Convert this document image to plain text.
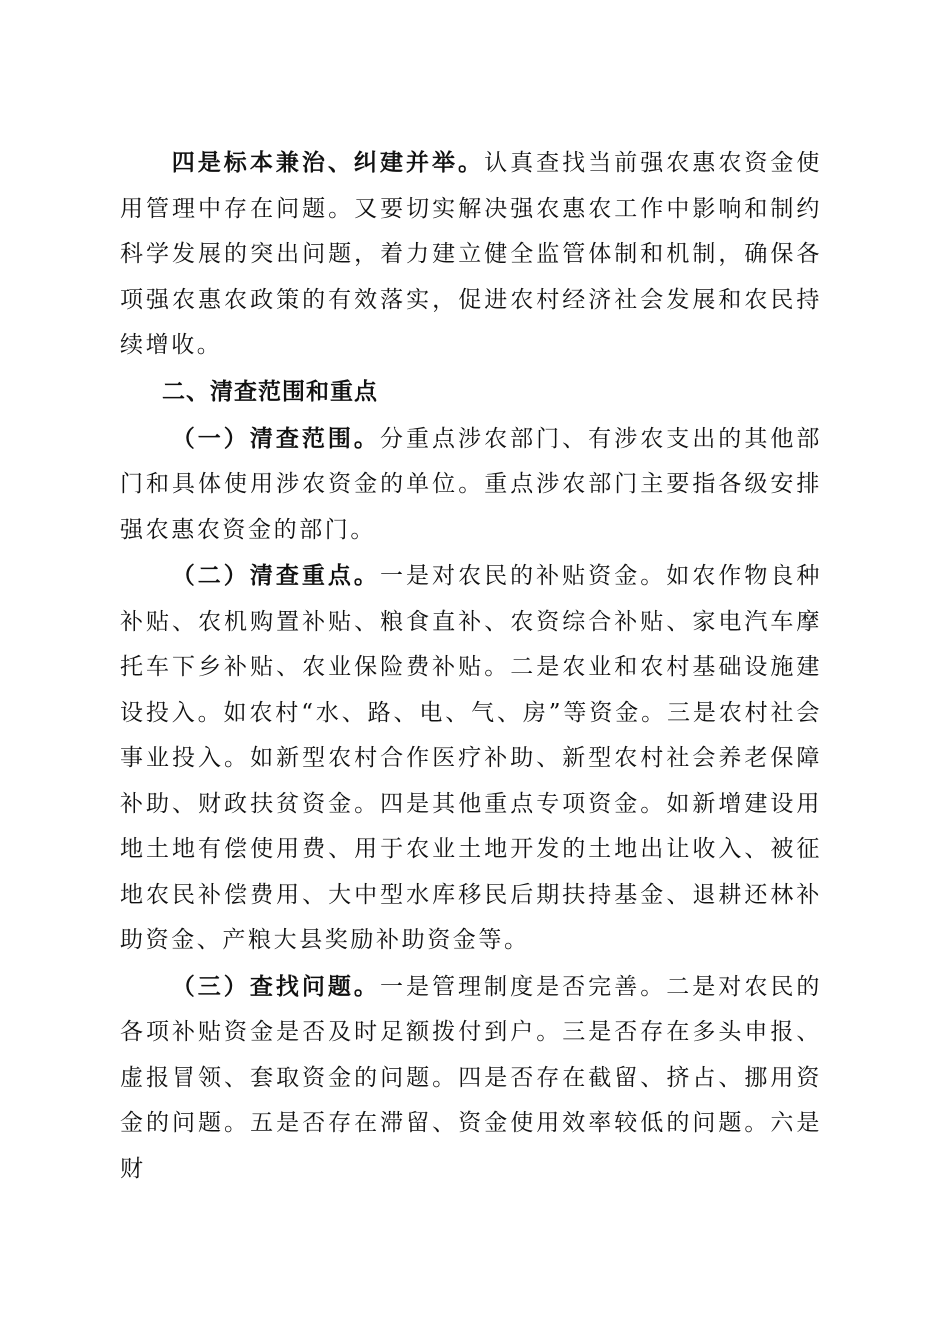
四是标本兼治、纠建并举。认真查找当前强农惠农资金使用管理中存在问题。又要切实解决强农惠农工作中影响和制约科学发展的突出问题，着力建立健全监管体制和机制，确保各项强农惠农政策的有效落实，促进农村经济社会发展和农民持续增收。

二、清查范围和重点

（一）清查范围。分重点涉农部门、有涉农支出的其他部门和具体使用涉农资金的单位。重点涉农部门主要指各级安排强农惠农资金的部门。

（二）清查重点。一是对农民的补贴资金。如农作物良种补贴、农机购置补贴、粮食直补、农资综合补贴、家电汽车摩托车下乡补贴、农业保险费补贴。二是农业和农村基础设施建设投入。如农村“水、路、电、气、房”等资金。三是农村社会事业投入。如新型农村合作医疗补助、新型农村社会养老保障补助、财政扶贫资金。四是其他重点专项资金。如新增建设用地土地有偿使用费、用于农业土地开发的土地出让收入、被征地农民补偿费用、大中型水库移民后期扶持基金、退耕还林补助资金、产粮大县奖励补助资金等。

（三）查找问题。一是管理制度是否完善。二是对农民的各项补贴资金是否及时足额拨付到户。三是否存在多头申报、虚报冒领、套取资金的问题。四是否存在截留、挤占、挪用资金的问题。五是否存在滞留、资金使用效率较低的问题。六是财
